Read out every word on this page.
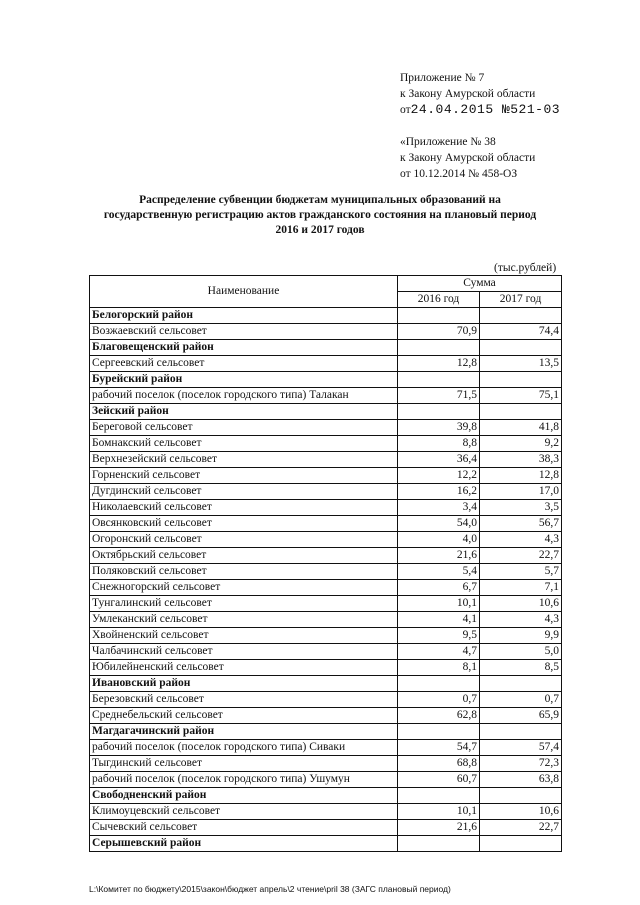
Приложение № 7
к Закону Амурской области
от24.04.2015 №521-03
«Приложение № 38
к Закону Амурской области
от 10.12.2014 № 458-ОЗ
Распределение субвенции бюджетам муниципальных образований на
государственную регистрацию актов гражданского состояния на плановый период
2016 и 2017 годов
(тыс.рублей)
Наименование	Сумма	
	2016 год	2017 год
Белогорский район		
Возжаевский сельсовет	70,9	74,4
Благовещенский район		
Сергеевский сельсовет	12,8	13,5
Бурейский район		
рабочий поселок (поселок городского типа) Талакан	71,5	75,1
Зейский район		
Береговой сельсовет	39,8	41,8
Бомнакский сельсовет	8,8	9,2
Верхнезейский сельсовет	36,4	38,3
Горненский сельсовет	12,2	12,8
Дугдинский сельсовет	16,2	17,0
Николаевский сельсовет	3,4	3,5
Овсянковский сельсовет	54,0	56,7
Огоронский сельсовет	4,0	4,3
Октябрьский сельсовет	21,6	22,7
Поляковский сельсовет	5,4	5,7
Снежногорский сельсовет	6,7	7,1
Тунгалинский сельсовет	10,1	10,6
Умлеканский сельсовет	4,1	4,3
Хвойненский сельсовет	9,5	9,9
Чалбачинский сельсовет	4,7	5,0
Юбилейненский сельсовет	8,1	8,5
Ивановский район		
Березовский сельсовет	0,7	0,7
Среднебельский сельсовет	62,8	65,9
Магдагачинский район		
рабочий поселок (поселок городского типа) Сиваки	54,7	57,4
Тыгдинский сельсовет	68,8	72,3
рабочий поселок (поселок городского типа) Ушумун	60,7	63,8
Свободненский район		
Климоуцевский сельсовет	10,1	10,6
Сычевский сельсовет	21,6	22,7
Серышевский район		
L:\Комитет по бюджету\2015\закон\бюджет апрель\2 чтение\pril 38 (ЗАГС плановый период)
